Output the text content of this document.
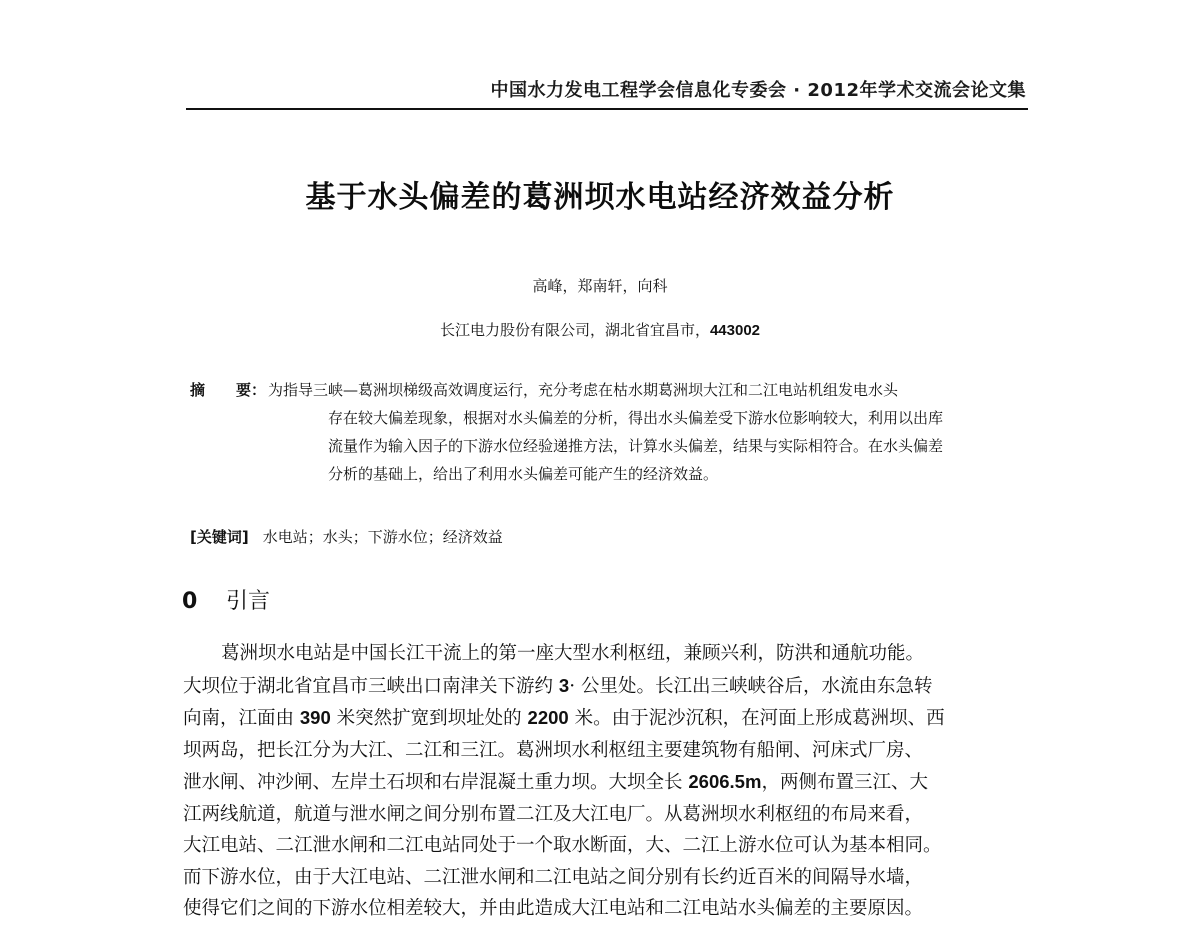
中国水力发电工程学会信息化专委会 · 2012年学术交流会论文集
基于水头偏差的葛洲坝水电站经济效益分析
高峰，郑南轩，向科
长江电力股份有限公司，湖北省宜昌市，443002
摘 要： 为指导三峡—葛洲坝梯级高效调度运行，充分考虑在枯水期葛洲坝大江和二江电站机组发电水头
存在较大偏差现象，根据对水头偏差的分析，得出水头偏差受下游水位影响较大，利用以出库
流量作为输入因子的下游水位经验递推方法，计算水头偏差，结果与实际相符合。在水头偏差
分析的基础上，给出了利用水头偏差可能产生的经济效益。
[关键词] 水电站；水头；下游水位；经济效益
0 引言
葛洲坝水电站是中国长江干流上的第一座大型水利枢纽，兼顾兴利，防洪和通航功能。
大坝位于湖北省宜昌市三峡出口南津关下游约 3· 公里处。长江出三峡峡谷后，水流由东急转
向南，江面由 390 米突然扩宽到坝址处的 2200 米。由于泥沙沉积，在河面上形成葛洲坝、西
坝两岛，把长江分为大江、二江和三江。葛洲坝水利枢纽主要建筑物有船闸、河床式厂房、
泄水闸、冲沙闸、左岸土石坝和右岸混凝土重力坝。大坝全长 2606.5m，两侧布置三江、大
江两线航道，航道与泄水闸之间分别布置二江及大江电厂。从葛洲坝水利枢纽的布局来看，
大江电站、二江泄水闸和二江电站同处于一个取水断面，大、二江上游水位可认为基本相同。
而下游水位，由于大江电站、二江泄水闸和二江电站之间分别有长约近百米的间隔导水墙，
使得它们之间的下游水位相差较大，并由此造成大江电站和二江电站水头偏差的主要原因。
